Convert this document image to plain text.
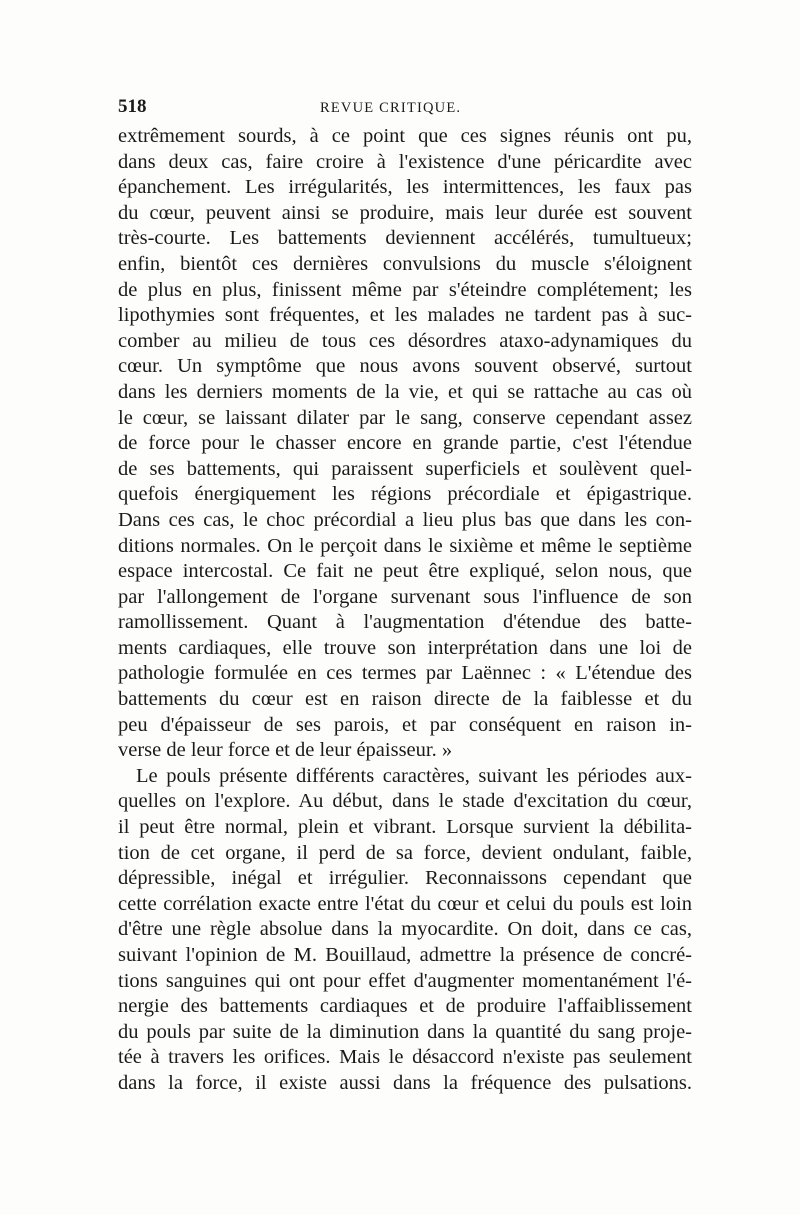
518	REVUE CRITIQUE.
extrêmement sourds, à ce point que ces signes réunis ont pu,
dans deux cas, faire croire à l'existence d'une péricardite avec
épanchement. Les irrégularités, les intermittences, les faux pas
du cœur, peuvent ainsi se produire, mais leur durée est souvent
très-courte. Les battements deviennent accélérés, tumultueux;
enfin, bientôt ces dernières convulsions du muscle s'éloignent
de plus en plus, finissent même par s'éteindre complétement; les
lipothymies sont fréquentes, et les malades ne tardent pas à suc-
comber au milieu de tous ces désordres ataxo-adynamiques du
cœur. Un symptôme que nous avons souvent observé, surtout
dans les derniers moments de la vie, et qui se rattache au cas où
le cœur, se laissant dilater par le sang, conserve cependant assez
de force pour le chasser encore en grande partie, c'est l'étendue
de ses battements, qui paraissent superficiels et soulèvent quel-
quefois énergiquement les régions précordiale et épigastrique.
Dans ces cas, le choc précordial a lieu plus bas que dans les con-
ditions normales. On le perçoit dans le sixième et même le septième
espace intercostal. Ce fait ne peut être expliqué, selon nous, que
par l'allongement de l'organe survenant sous l'influence de son
ramollissement. Quant à l'augmentation d'étendue des batte-
ments cardiaques, elle trouve son interprétation dans une loi de
pathologie formulée en ces termes par Laënnec : « L'étendue des
battements du cœur est en raison directe de la faiblesse et du
peu d'épaisseur de ses parois, et par conséquent en raison in-
verse de leur force et de leur épaisseur. »
Le pouls présente différents caractères, suivant les périodes aux-
quelles on l'explore. Au début, dans le stade d'excitation du cœur,
il peut être normal, plein et vibrant. Lorsque survient la débilita-
tion de cet organe, il perd de sa force, devient ondulant, faible,
dépressible, inégal et irrégulier. Reconnaissons cependant que
cette corrélation exacte entre l'état du cœur et celui du pouls est loin
d'être une règle absolue dans la myocardite. On doit, dans ce cas,
suivant l'opinion de M. Bouillaud, admettre la présence de concré-
tions sanguines qui ont pour effet d'augmenter momentanément l'é-
nergie des battements cardiaques et de produire l'affaiblissement
du pouls par suite de la diminution dans la quantité du sang proje-
tée à travers les orifices. Mais le désaccord n'existe pas seulement
dans la force, il existe aussi dans la fréquence des pulsations.
